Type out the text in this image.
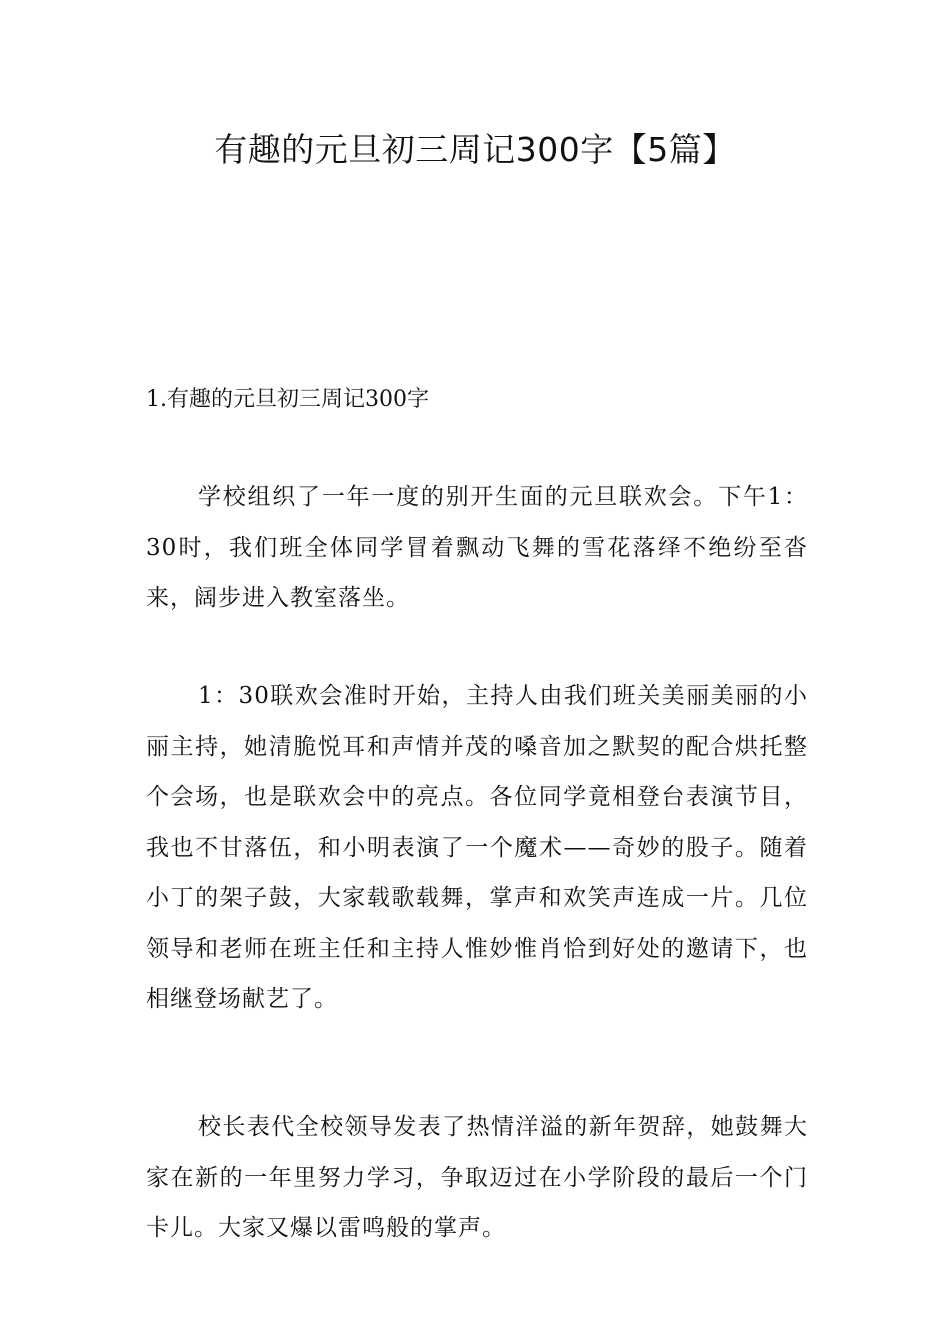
有趣的元旦初三周记300字【5篇】
1.有趣的元旦初三周记300字

学校组织了一年一度的别开生面的元旦联欢会。下午1：30时，我们班全体同学冒着飘动飞舞的雪花落绎不绝纷至沓来，阔步进入教室落坐。

1：30联欢会准时开始，主持人由我们班关美丽美丽的小丽主持，她清脆悦耳和声情并茂的嗓音加之默契的配合烘托整个会场，也是联欢会中的亮点。各位同学竟相登台表演节目，我也不甘落伍，和小明表演了一个魔术——奇妙的股子。随着小丁的架子鼓，大家载歌载舞，掌声和欢笑声连成一片。几位领导和老师在班主任和主持人惟妙惟肖恰到好处的邀请下，也相继登场献艺了。

校长表代全校领导发表了热情洋溢的新年贺辞，她鼓舞大家在新的一年里努力学习，争取迈过在小学阶段的最后一个门卡儿。大家又爆以雷鸣般的掌声。
